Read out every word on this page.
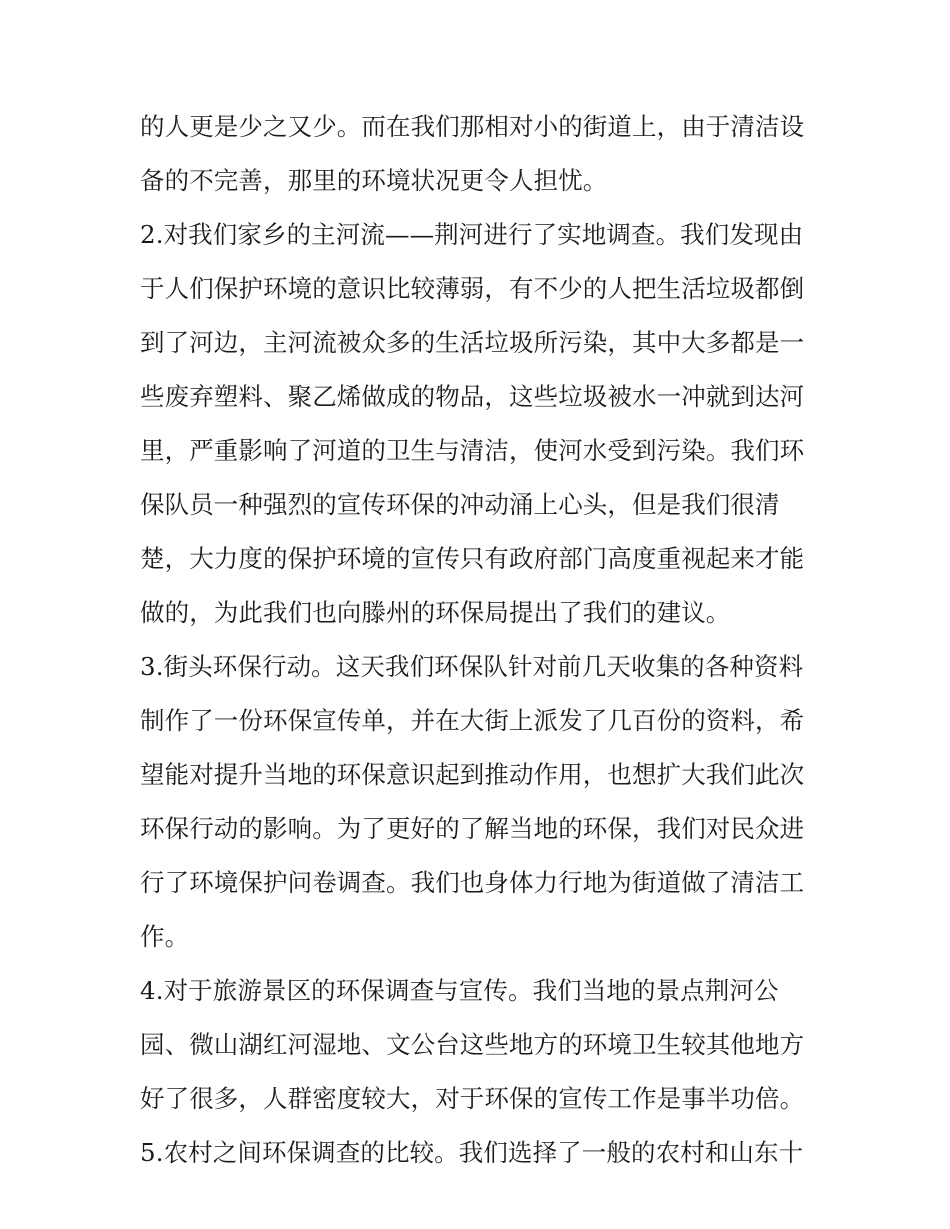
的人更是少之又少。而在我们那相对小的街道上，由于清洁设
备的不完善，那里的环境状况更令人担忧。
2.对我们家乡的主河流——荆河进行了实地调查。我们发现由
于人们保护环境的意识比较薄弱，有不少的人把生活垃圾都倒
到了河边，主河流被众多的生活垃圾所污染，其中大多都是一
些废弃塑料、聚乙烯做成的物品，这些垃圾被水一冲就到达河
里，严重影响了河道的卫生与清洁，使河水受到污染。我们环
保队员一种强烈的宣传环保的冲动涌上心头，但是我们很清
楚，大力度的保护环境的宣传只有政府部门高度重视起来才能
做的，为此我们也向滕州的环保局提出了我们的建议。
3.街头环保行动。这天我们环保队针对前几天收集的各种资料
制作了一份环保宣传单，并在大街上派发了几百份的资料，希
望能对提升当地的环保意识起到推动作用，也想扩大我们此次
环保行动的影响。为了更好的了解当地的环保，我们对民众进
行了环境保护问卷调查。我们也身体力行地为街道做了清洁工
作。
4.对于旅游景区的环保调查与宣传。我们当地的景点荆河公
园、微山湖红河湿地、文公台这些地方的环境卫生较其他地方
好了很多，人群密度较大，对于环保的宣传工作是事半功倍。
5.农村之间环保调查的比较。我们选择了一般的农村和山东十
